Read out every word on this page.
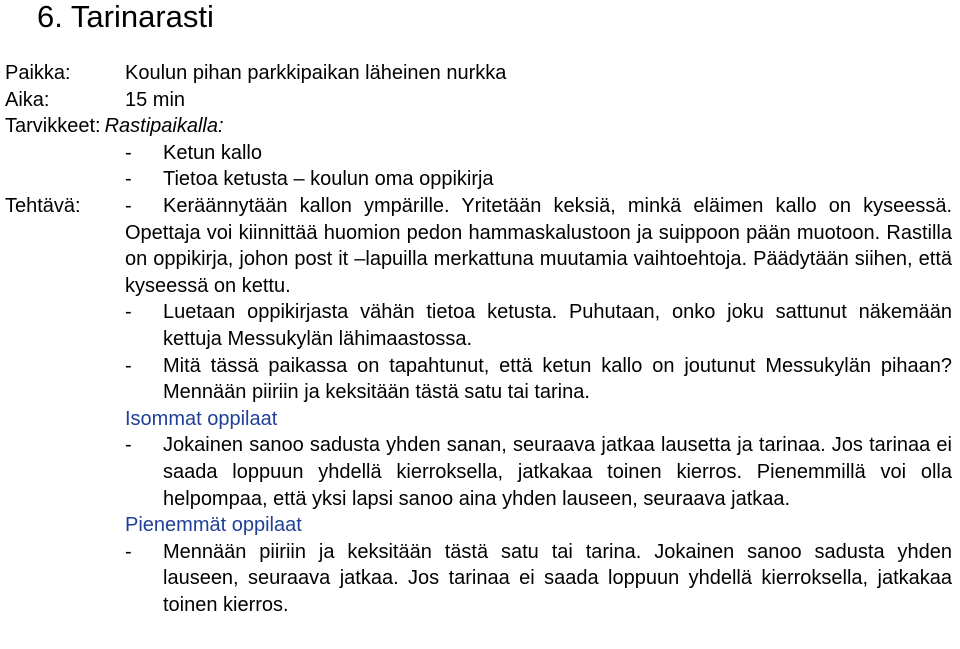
6. Tarinarasti
Paikka:	Koulun pihan parkkipaikan läheinen nurkka
Aika:	15 min
Tarvikkeet: Rastipaikalla:
-	Ketun kallo
-	Tietoa ketusta – koulun oma oppikirja
Tehtävä:	-	Keräännytään kallon ympärille. Yritetään keksiä, minkä eläimen kallo on kyseessä. Opettaja voi kiinnittää huomion pedon hammaskalustoon ja suippoon pään muotoon. Rastilla on oppikirja, johon post it –lapuilla merkattuna muutamia vaihtoehtoja. Päädytään siihen, että kyseessä on kettu.
-	Luetaan oppikirjasta vähän tietoa ketusta. Puhutaan, onko joku sattunut näkemään kettuja Messukylän lähimaastossa.
-	Mitä tässä paikassa on tapahtunut, että ketun kallo on joutunut Messukylän pihaan? Mennään piiriin ja keksitään tästä satu tai tarina.
Isommat oppilaat
-	Jokainen sanoo sadusta yhden sanan, seuraava jatkaa lausetta ja tarinaa. Jos tarinaa ei saada loppuun yhdellä kierroksella, jatkakaa toinen kierros. Pienemmillä voi olla helpompaa, että yksi lapsi sanoo aina yhden lauseen, seuraava jatkaa.
Pienemmät oppilaat
-	Mennään piiriin ja keksitään tästä satu tai tarina. Jokainen sanoo sadusta yhden lauseen, seuraava jatkaa. Jos tarinaa ei saada loppuun yhdellä kierroksella, jatkakaa toinen kierros.
